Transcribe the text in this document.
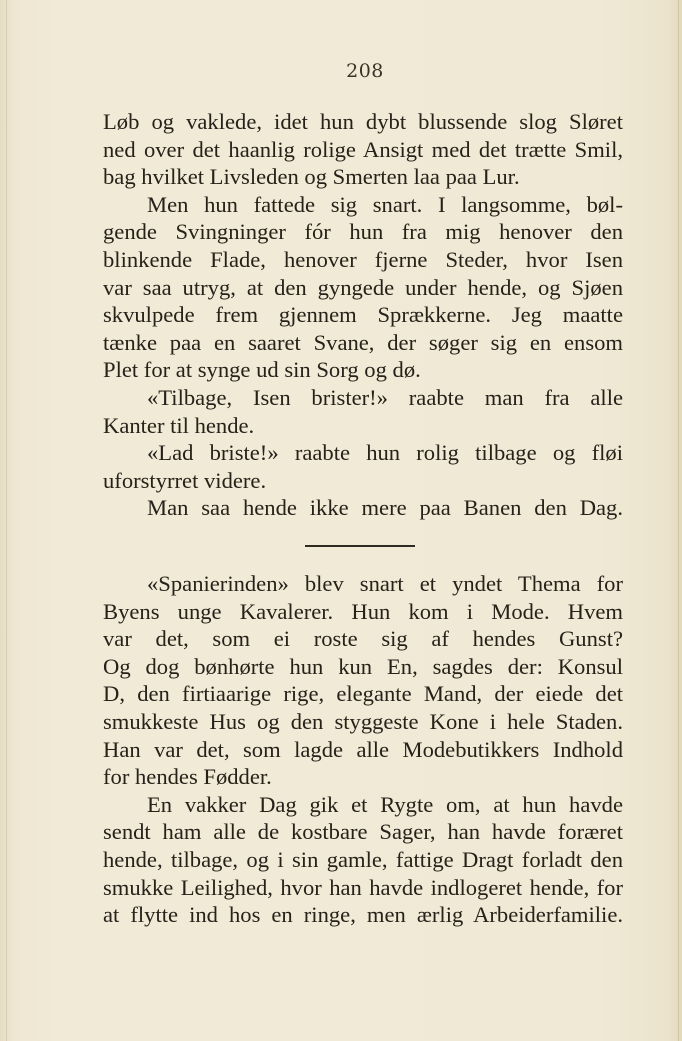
208
Løb og vaklede, idet hun dybt blussende slog Sløret
ned over det haanlig rolige Ansigt med det trætte Smil,
bag hvilket Livsleden og Smerten laa paa Lur.
Men hun fattede sig snart. I langsomme, bøl-
gende Svingninger fór hun fra mig henover den
blinkende Flade, henover fjerne Steder, hvor Isen
var saa utryg, at den gyngede under hende, og Sjøen
skvulpede frem gjennem Sprækkerne. Jeg maatte
tænke paa en saaret Svane, der søger sig en ensom
Plet for at synge ud sin Sorg og dø.
«Tilbage, Isen brister!» raabte man fra alle
Kanter til hende.
«Lad briste!» raabte hun rolig tilbage og fløi
uforstyrret videre.
Man saa hende ikke mere paa Banen den Dag.
«Spanierinden» blev snart et yndet Thema for
Byens unge Kavalerer. Hun kom i Mode. Hvem
var det, som ei roste sig af hendes Gunst?
Og dog bønhørte hun kun En, sagdes der: Konsul
D, den firtiaarige rige, elegante Mand, der eiede det
smukkeste Hus og den styggeste Kone i hele Staden.
Han var det, som lagde alle Modebutikkers Indhold
for hendes Fødder.
En vakker Dag gik et Rygte om, at hun havde
sendt ham alle de kostbare Sager, han havde foræret
hende, tilbage, og i sin gamle, fattige Dragt forladt den
smukke Leilighed, hvor han havde indlogeret hende, for
at flytte ind hos en ringe, men ærlig Arbeiderfamilie.
